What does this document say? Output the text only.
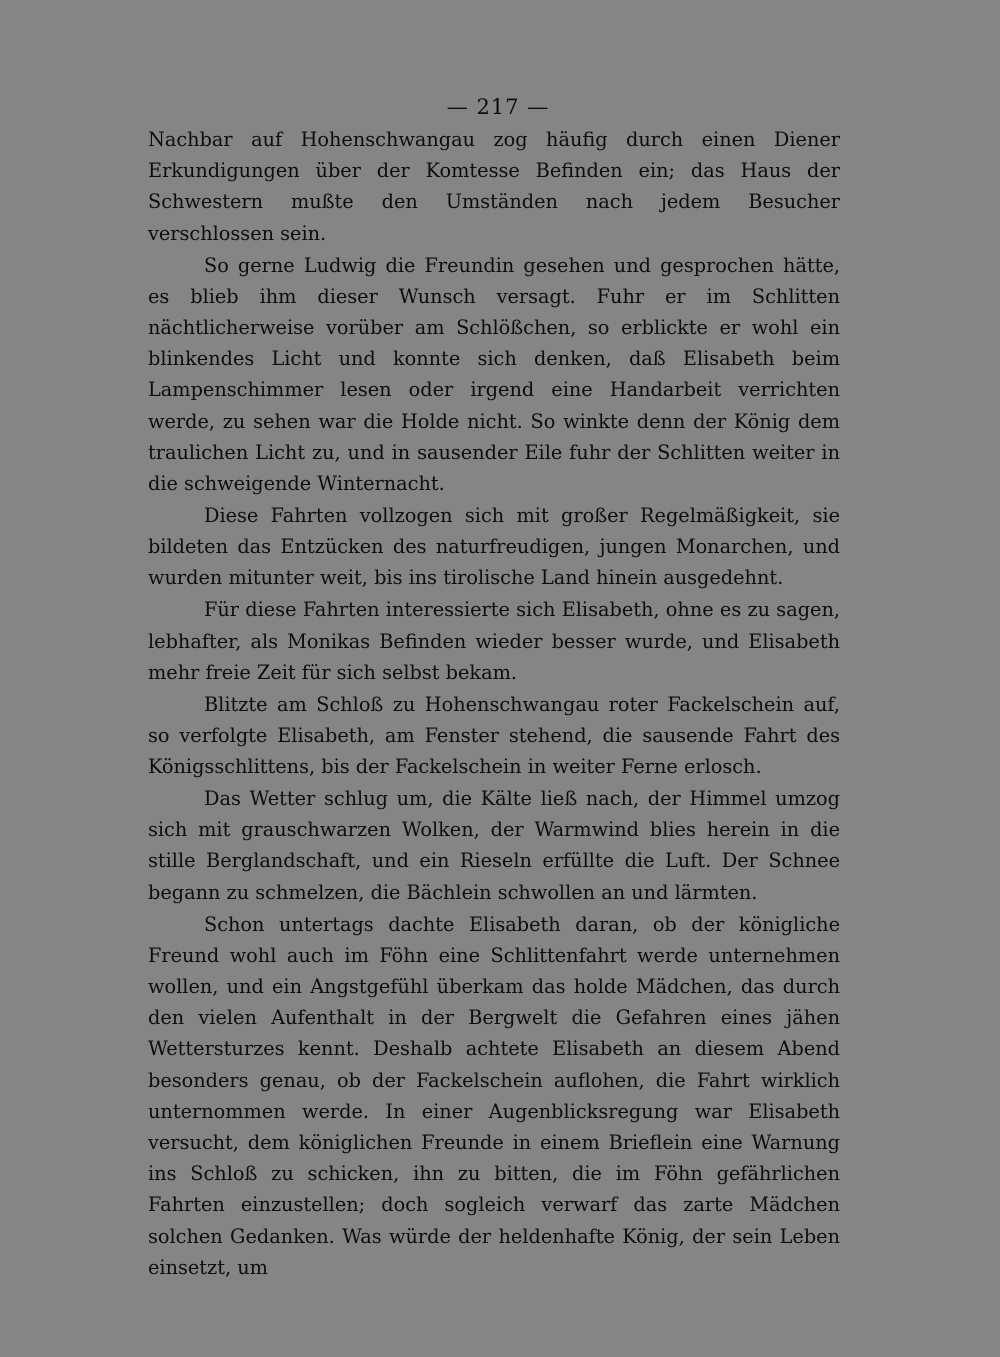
— 217 —

Nachbar auf Hohenschwangau zog häufig durch einen Diener Erkundigungen über der Komtesse Befinden ein; das Haus der Schwestern mußte den Umständen nach jedem Besucher verschlossen sein.

So gerne Ludwig die Freundin gesehen und gesprochen hätte, es blieb ihm dieser Wunsch versagt. Fuhr er im Schlitten nächtlicherweise vorüber am Schlößchen, so erblickte er wohl ein blinkendes Licht und konnte sich denken, daß Elisabeth beim Lampenschimmer lesen oder irgend eine Handarbeit verrichten werde, zu sehen war die Holde nicht. So winkte denn der König dem traulichen Licht zu, und in sausender Eile fuhr der Schlitten weiter in die schweigende Winternacht.

Diese Fahrten vollzogen sich mit großer Regelmäßigkeit, sie bildeten das Entzücken des naturfreudigen, jungen Monarchen, und wurden mitunter weit, bis ins tirolische Land hinein ausgedehnt.

Für diese Fahrten interessierte sich Elisabeth, ohne es zu sagen, lebhafter, als Monikas Befinden wieder besser wurde, und Elisabeth mehr freie Zeit für sich selbst bekam.

Blitzte am Schloß zu Hohenschwangau roter Fackelschein auf, so verfolgte Elisabeth, am Fenster stehend, die sausende Fahrt des Königsschlittens, bis der Fackelschein in weiter Ferne erlosch.

Das Wetter schlug um, die Kälte ließ nach, der Himmel umzog sich mit grauschwarzen Wolken, der Warmwind blies herein in die stille Berglandschaft, und ein Rieseln erfüllte die Luft. Der Schnee begann zu schmelzen, die Bächlein schwollen an und lärmten.

Schon untertags dachte Elisabeth daran, ob der königliche Freund wohl auch im Föhn eine Schlittenfahrt werde unternehmen wollen, und ein Angstgefühl überkam das holde Mädchen, das durch den vielen Aufenthalt in der Bergwelt die Gefahren eines jähen Wettersturzes kennt. Deshalb achtete Elisabeth an diesem Abend besonders genau, ob der Fackelschein auflohen, die Fahrt wirklich unternommen werde. In einer Augenblicksregung war Elisabeth versucht, dem königlichen Freunde in einem Brieflein eine Warnung ins Schloß zu schicken, ihn zu bitten, die im Föhn gefährlichen Fahrten einzustellen; doch sogleich verwarf das zarte Mädchen solchen Gedanken. Was würde der heldenhafte König, der sein Leben einsetzt, um
